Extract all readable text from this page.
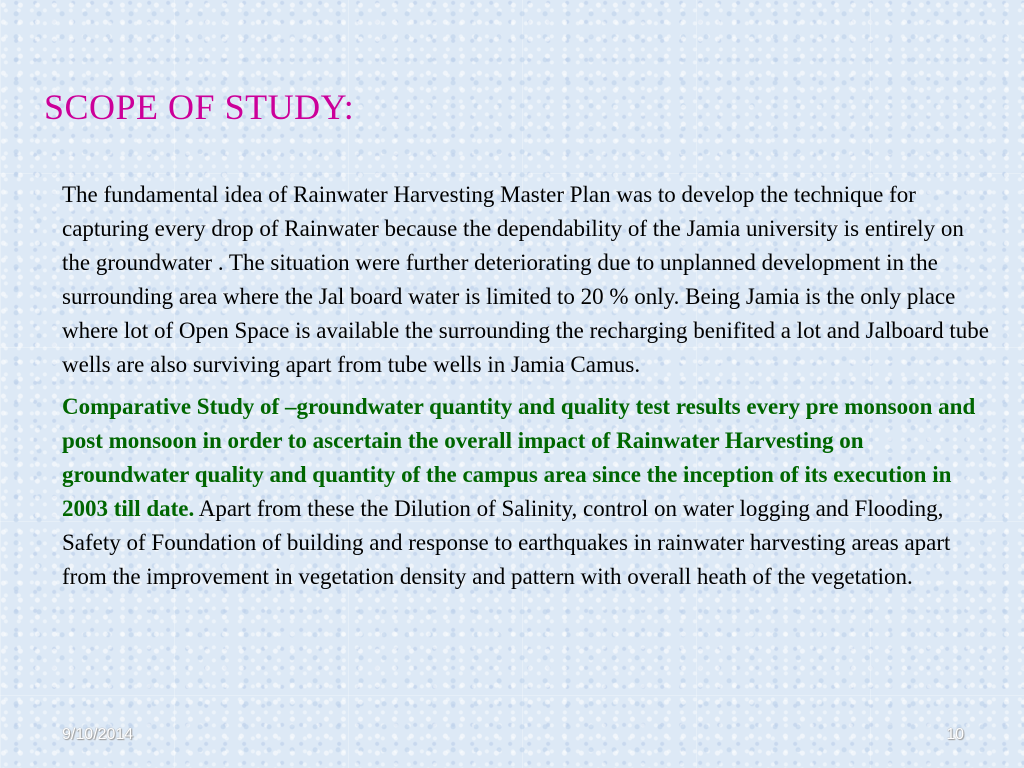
SCOPE OF STUDY:

The fundamental idea of Rainwater Harvesting Master Plan was to develop the technique for capturing every drop of Rainwater because the dependability of the Jamia university is entirely on the groundwater . The situation were further deteriorating due to unplanned development in the surrounding area where the Jal board water is limited to 20 % only. Being Jamia is the only place where lot of Open Space is available the surrounding the recharging benifited a lot and Jalboard tube wells are also surviving apart from tube wells in Jamia Camus.

Comparative Study of –groundwater quantity and quality test results every pre monsoon and post monsoon in order to ascertain the overall impact of Rainwater Harvesting on groundwater quality and quantity of the campus area since the inception of its execution in 2003 till date. Apart from these the Dilution of Salinity, control on water logging and Flooding, Safety of Foundation of building and response to earthquakes in rainwater harvesting areas apart from the improvement in vegetation density and pattern with overall heath of the vegetation.

9/10/2014	10
